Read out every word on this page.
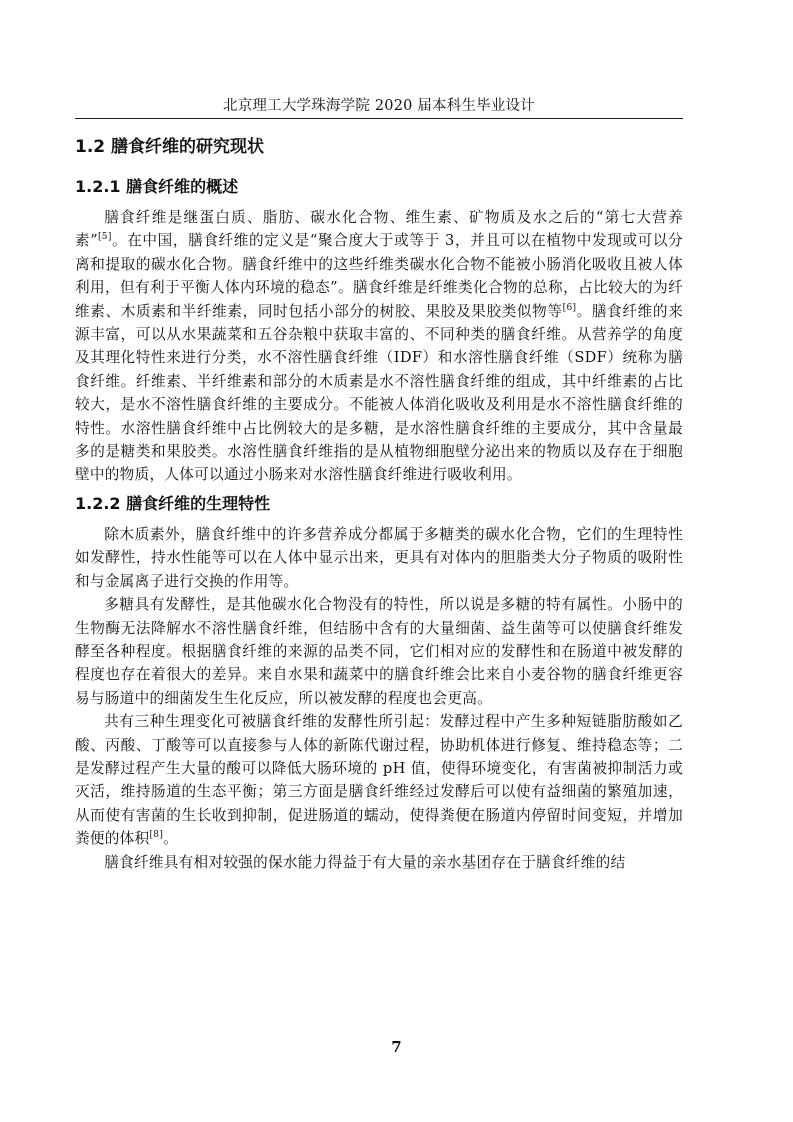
北京理工大学珠海学院 2020 届本科生毕业设计
1.2 膳食纤维的研究现状
1.2.1 膳食纤维的概述

膳食纤维是继蛋白质、脂肪、碳水化合物、维生素、矿物质及水之后的“第七大营养素”[5]。在中国，膳食纤维的定义是“聚合度大于或等于 3，并且可以在植物中发现或可以分离和提取的碳水化合物。膳食纤维中的这些纤维类碳水化合物不能被小肠消化吸收且被人体利用，但有利于平衡人体内环境的稳态”。膳食纤维是纤维类化合物的总称，占比较大的为纤维素、木质素和半纤维素，同时包括小部分的树胶、果胶及果胶类似物等[6]。膳食纤维的来源丰富，可以从水果蔬菜和五谷杂粮中获取丰富的、不同种类的膳食纤维。从营养学的角度及其理化特性来进行分类，水不溶性膳食纤维（IDF）和水溶性膳食纤维（SDF）统称为膳食纤维。纤维素、半纤维素和部分的木质素是水不溶性膳食纤维的组成，其中纤维素的占比较大，是水不溶性膳食纤维的主要成分。不能被人体消化吸收及利用是水不溶性膳食纤维的特性。水溶性膳食纤维中占比例较大的是多糖，是水溶性膳食纤维的主要成分，其中含量最多的是糖类和果胶类。水溶性膳食纤维指的是从植物细胞壁分泌出来的物质以及存在于细胞壁中的物质，人体可以通过小肠来对水溶性膳食纤维进行吸收利用。

1.2.2 膳食纤维的生理特性

除木质素外，膳食纤维中的许多营养成分都属于多糖类的碳水化合物，它们的生理特性如发酵性，持水性能等可以在人体中显示出来，更具有对体内的胆脂类大分子物质的吸附性和与金属离子进行交换的作用等。

多糖具有发酵性，是其他碳水化合物没有的特性，所以说是多糖的特有属性。小肠中的生物酶无法降解水不溶性膳食纤维，但结肠中含有的大量细菌、益生菌等可以使膳食纤维发酵至各种程度。根据膳食纤维的来源的品类不同，它们相对应的发酵性和在肠道中被发酵的程度也存在着很大的差异。来自水果和蔬菜中的膳食纤维会比来自小麦谷物的膳食纤维更容易与肠道中的细菌发生生化反应，所以被发酵的程度也会更高。

共有三种生理变化可被膳食纤维的发酵性所引起：发酵过程中产生多种短链脂肪酸如乙酸、丙酸、丁酸等可以直接参与人体的新陈代谢过程，协助机体进行修复、维持稳态等；二是发酵过程产生大量的酸可以降低大肠环境的 pH 值，使得环境变化，有害菌被抑制活力或灭活，维持肠道的生态平衡；第三方面是膳食纤维经过发酵后可以使有益细菌的繁殖加速，从而使有害菌的生长收到抑制，促进肠道的蠕动，使得粪便在肠道内停留时间变短，并增加粪便的体积[8]。

膳食纤维具有相对较强的保水能力得益于有大量的亲水基团存在于膳食纤维的结

7
